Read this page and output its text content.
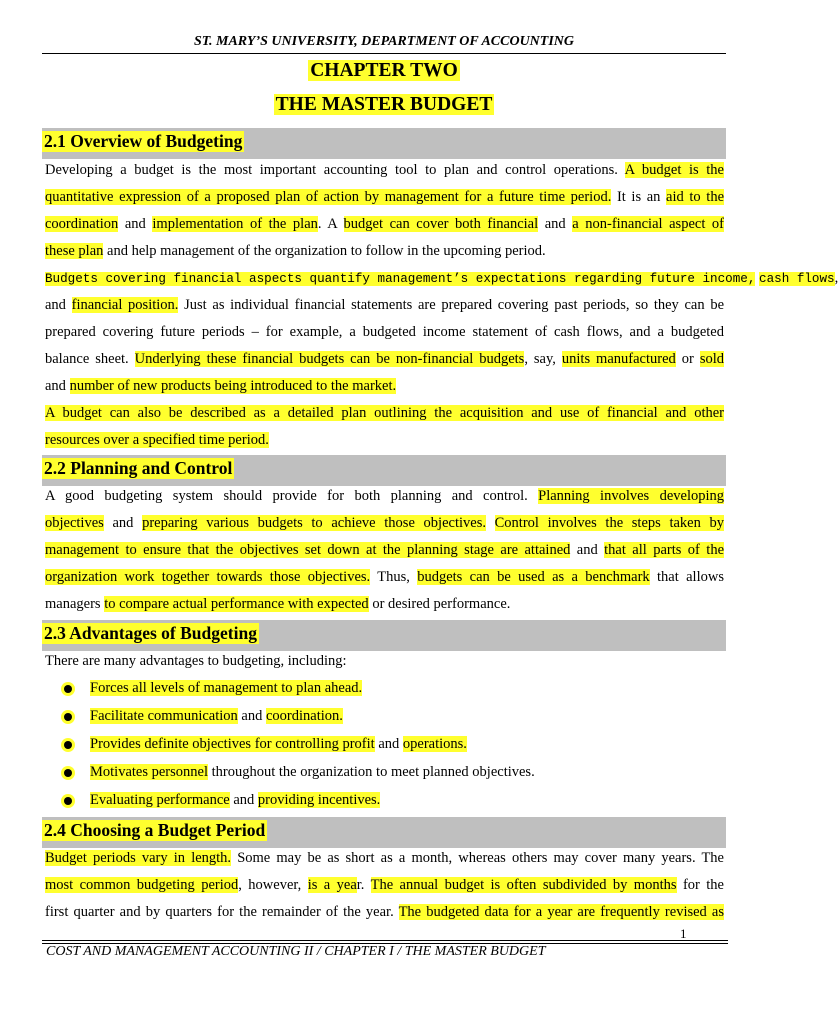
ST. MARY’S UNIVERSITY, DEPARTMENT OF ACCOUNTING
CHAPTER TWO
THE MASTER BUDGET
2.1 Overview of Budgeting
Developing a budget is the most important accounting tool to plan and control operations. A budget is the
quantitative expression of a proposed plan of action by management for a future time period. It is an aid to the
coordination and implementation of the plan. A budget can cover both financial and a non-financial aspect of
these plan and help management of the organization to follow in the upcoming period.
Budgets covering financial aspects quantify management’s expectations regarding future income, cash flows,
and financial position. Just as individual financial statements are prepared covering past periods, so they can be
prepared covering future periods – for example, a budgeted income statement of cash flows, and a budgeted
balance sheet. Underlying these financial budgets can be non-financial budgets, say, units manufactured or sold
and number of new products being introduced to the market.
A budget can also be described as a detailed plan outlining the acquisition and use of financial and other
resources over a specified time period.
2.2 Planning and Control
A good budgeting system should provide for both planning and control. Planning involves developing
objectives and preparing various budgets to achieve those objectives. Control involves the steps taken by
management to ensure that the objectives set down at the planning stage are attained and that all parts of the
organization work together towards those objectives. Thus, budgets can be used as a benchmark that allows
managers to compare actual performance with expected or desired performance.
2.3 Advantages of Budgeting
There are many advantages to budgeting, including:
Forces all levels of management to plan ahead.
Facilitate communication and coordination.
Provides definite objectives for controlling profit and operations.
Motivates personnel throughout the organization to meet planned objectives.
Evaluating performance and providing incentives.
2.4 Choosing a Budget Period
Budget periods vary in length. Some may be as short as a month, whereas others may cover many years. The
most common budgeting period, however, is a year. The annual budget is often subdivided by months for the
first quarter and by quarters for the remainder of the year. The budgeted data for a year are frequently revised as
1
COST AND MANAGEMENT ACCOUNTING II / CHAPTER I / THE MASTER BUDGET
